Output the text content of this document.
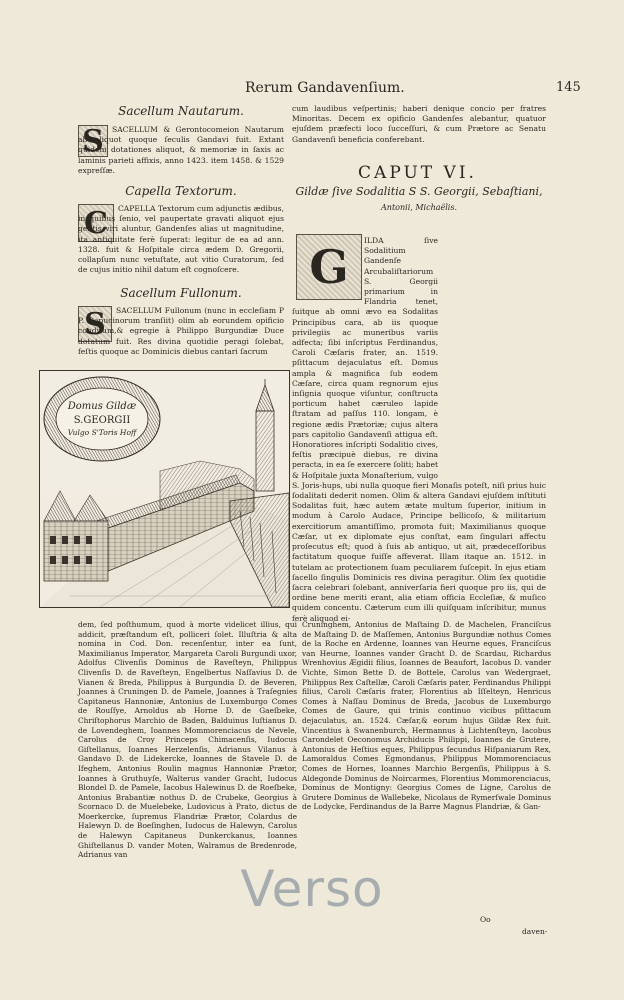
Rerum Gandavenſium.	145
Sacellum Nautarum.
S	SACELLUM & Gerontocomeion Nautarum ab aliquot quoque ſeculis Gandavi fuit. Extant quidem dotationes aliquot, & memoriæ in ſaxis ac laminis parieti affixis, anno 1423. item 1458. & 1529 expreſſæ.
Capella Textorum.
C	CAPELLA Textorum cum adjunctis ædibus, in quibus ſenio, vel paupertate gravati aliquot ejus gentis viri aluntur, Gandenſes alias ut magnitudine, ita antiquitate ferè ſuperat: legitur de ea ad ann. 1328. fuit & Hoſpitale circa ædem D. Gregorii, collapſum nunc vetuſtate, aut vitio Curatorum, ſed de cujus initio nihil datum eſt cognoſcere.
Sacellum Fullonum.
S	SACELLUM Fullonum (nunc in eccleſiam P P. Capucinorum tranſiit) olim ab eorundem opificio conditum,& egregie à Philippo Burgundiæ Duce dotatum fuit. Res divina quotidie peragi ſolebat, feſtis quoque ac Dominicis diebus cantari ſacrum
cum laudibus veſpertinis; haberi denique concio per fratres Minoritas. Decem ex opificio Gandenſes alebantur, quatuor ejuſdem præfecti loco ſucceſſuri, & cum Prætore ac Senatu Gandavenſi beneficia conferebant.
CAPUT VI.
Gildæ ſive Sodalitia S S. Georgii, Sebaſtiani,
Antonii, Michaëlis.
G	ILDA ſive Sodalitium Gandenſe Arcubaliſtariorum S. Georgii primarium in Flandria tenet, ſuitque ab omni ævo ea Sodalitas Principibus cara, ab iis quoque privilegiis ac muneribus variis adfecta; ſibi inſcriptus Ferdinandus, Caroli Cæſaris frater, an. 1519. pſittacum dejaculatus eſt. Domus ampla & magnifica ſub eodem Cæſare, circa quam regnorum ejus inſignia quoque viſuntur, conſtructa porticum habet cæruleo lapide ſtratam ad paſſus 110. longam, è regione ædis Prætoriæ; cujus altera pars capitolio Gandavenſi attigua eſt. Honoratiores inſcripti Sodalitio cives, feſtis præcipuè diebus, re divina peracta, in ea ſe exercere ſoliti; habet & Hoſpitale juxta Monaſterium, vulgo S. Joris-hups, ubi nulla quoque fieri Monaſis poteſt, niſi prius huic ſodalitati dederit nomen. Olim & altera Gandavi ejuſdem inſtituti Sodalitas fuit, hæc autem ætate multum ſuperior, initium in modum à Carolo Audace, Principe bellicoſo, & militarium exercitiorum amantiſſimo, promota fuit; Maximilianus quoque Cæſar, ut ex diplomate ejus conſtat, eam ſingulari affectu proſecutus eſt; quod à ſuis ab antiquo, ut ait, prædeceſſoribus factitatum quoque fuiſſe affeverat. Illam itaque an. 1512. in tutelam ac protectionem ſuam peculiarem ſuſcepit. In ejus etiam ſacello ſingulis Dominicis res divina peragitur. Olim ſex quotidie ſacra celebrari ſolebant, anniverſaria fieri quoque pro iis, qui de ordine bene meriti erant, alia etiam officia Eccleſiæ, & muſico quidem concentu. Cæterum cum illi quiſquam inſcribitur, munus ferè aliquod ei-
Domus Gildæ
S.GEORGII
Vulgo S'Toris Hoff
dem, ſed poſthumum, quod à morte videlicet illius, qui addicit, præſtandum eſt, polliceri ſolet. Illuſtria & alta nomina in Cod. Don. recenſentur, inter ea ſunt, Maximilianus Imperator, Margareta Caroli Burgundi uxor, Adolfus Clivenſis Dominus de Raveſteyn, Philippus Clivenſis D. de Raveſteyn, Engelbertus Naſſavius D. de Vianen & Breda, Philippus à Burgundia D. de Beveren, Joannes à Cruningen D. de Pamele, Joannes à Traſegnies Capitaneus Hannoniæ, Antonius de Luxemburgo Comes de Rouſſye, Arnoldus ab Horne D. de Gaeſbeke, Chriſtophorus Marchio de Baden, Balduinus Iuſtianus D. de Lovendeghem, Ioannes Mommorenciacus de Nevele, Carolus de Croy Princeps Chimacenſis, Iudocus Giſtellanus, Ioannes Herzelenſis, Adrianus Vilanus à Gandavo D. de Lidekercke, Ioannes de Stavele D. de Ifeghem, Antonius Roulin magnus Hannoniæ Prætor, Ioannes à Gruthuyſe, Walterus vander Gracht, Iudocus Blondel D. de Pamele, Iacobus Halewinus D. de Roeſbeke, Antonius Brabantiæ nothus D. de Crubeke, Georgius à Scornaco D. de Muelebeke, Ludovicus à Prato, dictus de Moerkercke, ſupremus Flandriæ Prætor, Colardus de Halewyn D. de Boeſinghen, Iudocus de Halewyn, Carolus de Halewyn Capitaneus Dunkerckanus, Ioannes Ghiſtellanus D. vander Moten, Walramus de Bredenrode, Adrianus van
Cruninghem, Antonius de Maſtaing D. de Machelen, Franciſcus de Maſtaing D. de Maſſemen, Antonius Burgundiæ nothus Comes de la Roche en Ardenne, Ioannes van Heurne eques, Franciſcus van Heurne, Ioannes vander Gracht D. de Scardau, Richardus Wrenhovius Ægidii filius, Ioannes de Beaufort, Iacobus D. vander Vichte, Simon Bette D. de Bottele, Carolus van Wedergraet, Philippus Rex Caſtellæ, Caroli Cæſaris pater, Ferdinandus Philippi filius, Caroli Cæſaris frater, Florentius ab Iſſelteyn, Henricus Comes à Naſſau Dominus de Breda, Jacobus de Luxemburgo Comes de Gaure, qui trinis continuo vicibus pſittacum dejaculatus, an. 1524. Cæſar,& eorum hujus Gildæ Rex fuit. Vincentius à Swanenburch, Hermannus à Lichtenſteyn, Iacobus Carondelet Oeconomus Archiducis Philippi, Ioannes de Grutere, Antonius de Heſtius eques, Philippus ſecundus Hiſpaniarum Rex, Lamoraldus Comes Egmondanus, Philippus Mommorenciacus Comes de Hornes, Ioannes Marchio Bergenſis, Philippus à S. Aldegonde Dominus de Noircarmes, Florentius Mommorenciacus, Dominus de Montigny: Georgius Comes de Ligne, Carolus de Grutere Dominus de Wallebeke, Nicolaus de Rymerſwale Dominus de Lodycke, Ferdinandus de la Barre Magnus Flandriæ, & Gan-
Oo
daven-
Verso
